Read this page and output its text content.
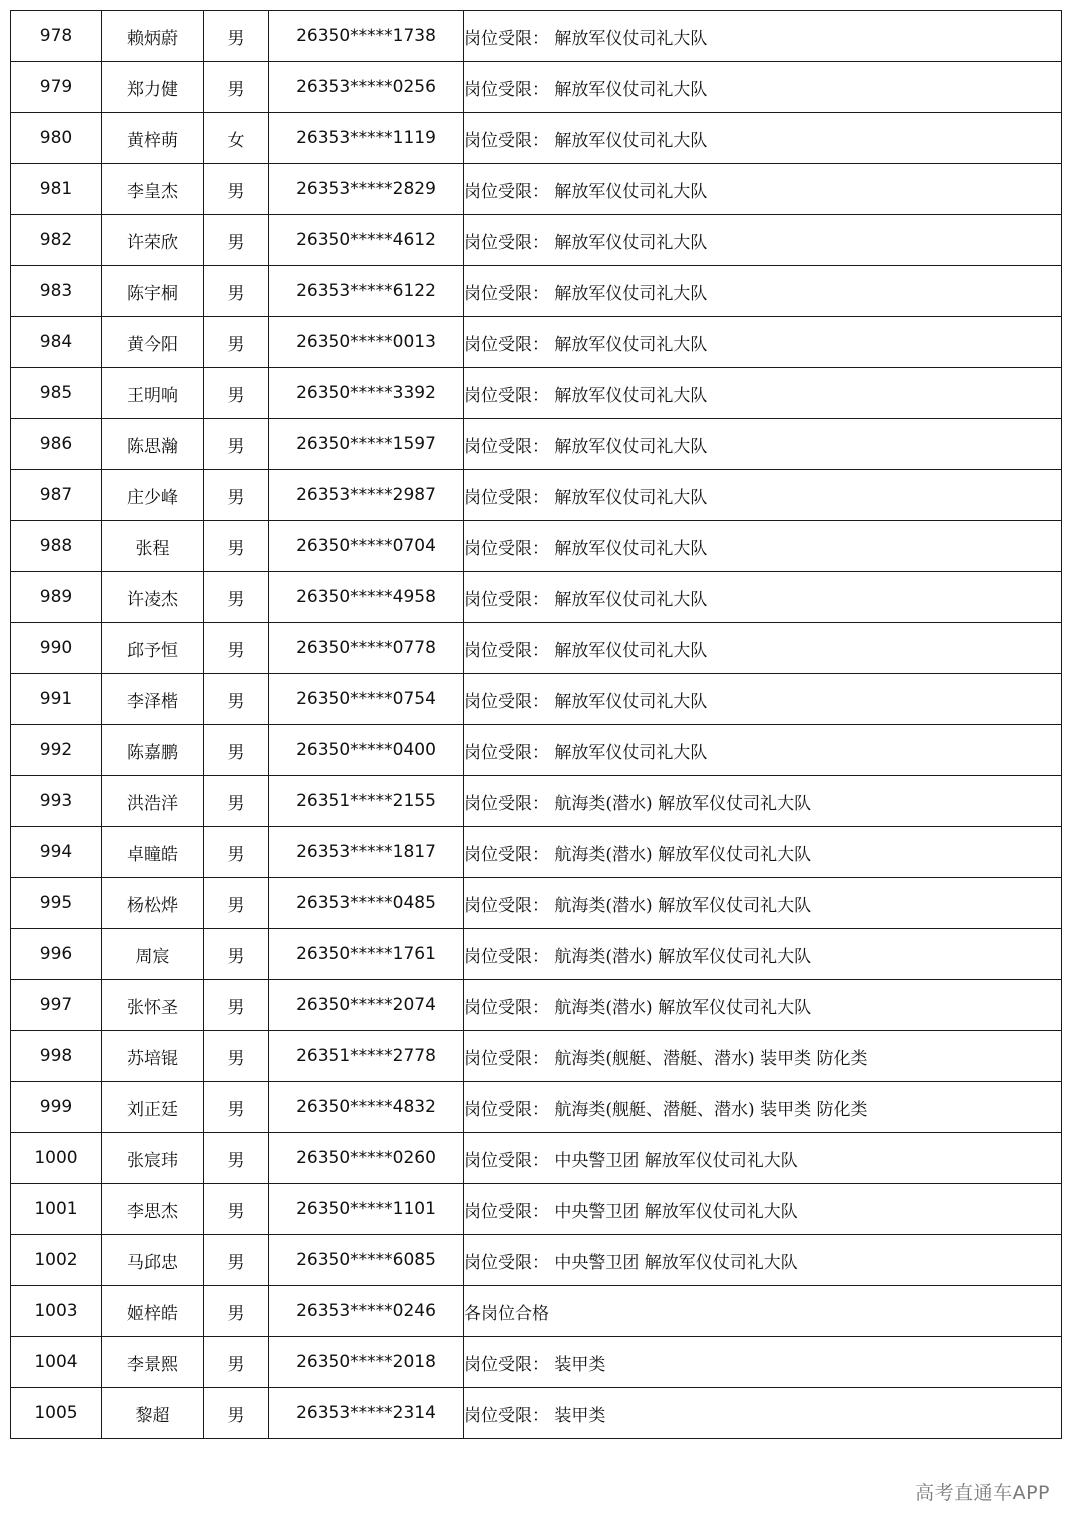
978	赖炳蔚	男	26350*****1738	岗位受限： 解放军仪仗司礼大队
979	郑力健	男	26353*****0256	岗位受限： 解放军仪仗司礼大队
980	黄梓萌	女	26353*****1119	岗位受限： 解放军仪仗司礼大队
981	李皇杰	男	26353*****2829	岗位受限： 解放军仪仗司礼大队
982	许荣欣	男	26350*****4612	岗位受限： 解放军仪仗司礼大队
983	陈宇桐	男	26353*****6122	岗位受限： 解放军仪仗司礼大队
984	黄今阳	男	26350*****0013	岗位受限： 解放军仪仗司礼大队
985	王明响	男	26350*****3392	岗位受限： 解放军仪仗司礼大队
986	陈思瀚	男	26350*****1597	岗位受限： 解放军仪仗司礼大队
987	庄少峰	男	26353*****2987	岗位受限： 解放军仪仗司礼大队
988	张程	男	26350*****0704	岗位受限： 解放军仪仗司礼大队
989	许凌杰	男	26350*****4958	岗位受限： 解放军仪仗司礼大队
990	邱予恒	男	26350*****0778	岗位受限： 解放军仪仗司礼大队
991	李泽楷	男	26350*****0754	岗位受限： 解放军仪仗司礼大队
992	陈嘉鹏	男	26350*****0400	岗位受限： 解放军仪仗司礼大队
993	洪浩洋	男	26351*****2155	岗位受限： 航海类(潜水) 解放军仪仗司礼大队
994	卓瞳皓	男	26353*****1817	岗位受限： 航海类(潜水) 解放军仪仗司礼大队
995	杨松烨	男	26353*****0485	岗位受限： 航海类(潜水) 解放军仪仗司礼大队
996	周宸	男	26350*****1761	岗位受限： 航海类(潜水) 解放军仪仗司礼大队
997	张怀圣	男	26350*****2074	岗位受限： 航海类(潜水) 解放军仪仗司礼大队
998	苏培锟	男	26351*****2778	岗位受限： 航海类(舰艇、潜艇、潜水) 装甲类 防化类
999	刘正廷	男	26350*****4832	岗位受限： 航海类(舰艇、潜艇、潜水) 装甲类 防化类
1000	张宸玮	男	26350*****0260	岗位受限： 中央警卫团 解放军仪仗司礼大队
1001	李思杰	男	26350*****1101	岗位受限： 中央警卫团 解放军仪仗司礼大队
1002	马邱忠	男	26350*****6085	岗位受限： 中央警卫团 解放军仪仗司礼大队
1003	姬梓皓	男	26353*****0246	各岗位合格
1004	李景熙	男	26350*****2018	岗位受限： 装甲类
1005	黎超	男	26353*****2314	岗位受限： 装甲类
高考直通车APP
